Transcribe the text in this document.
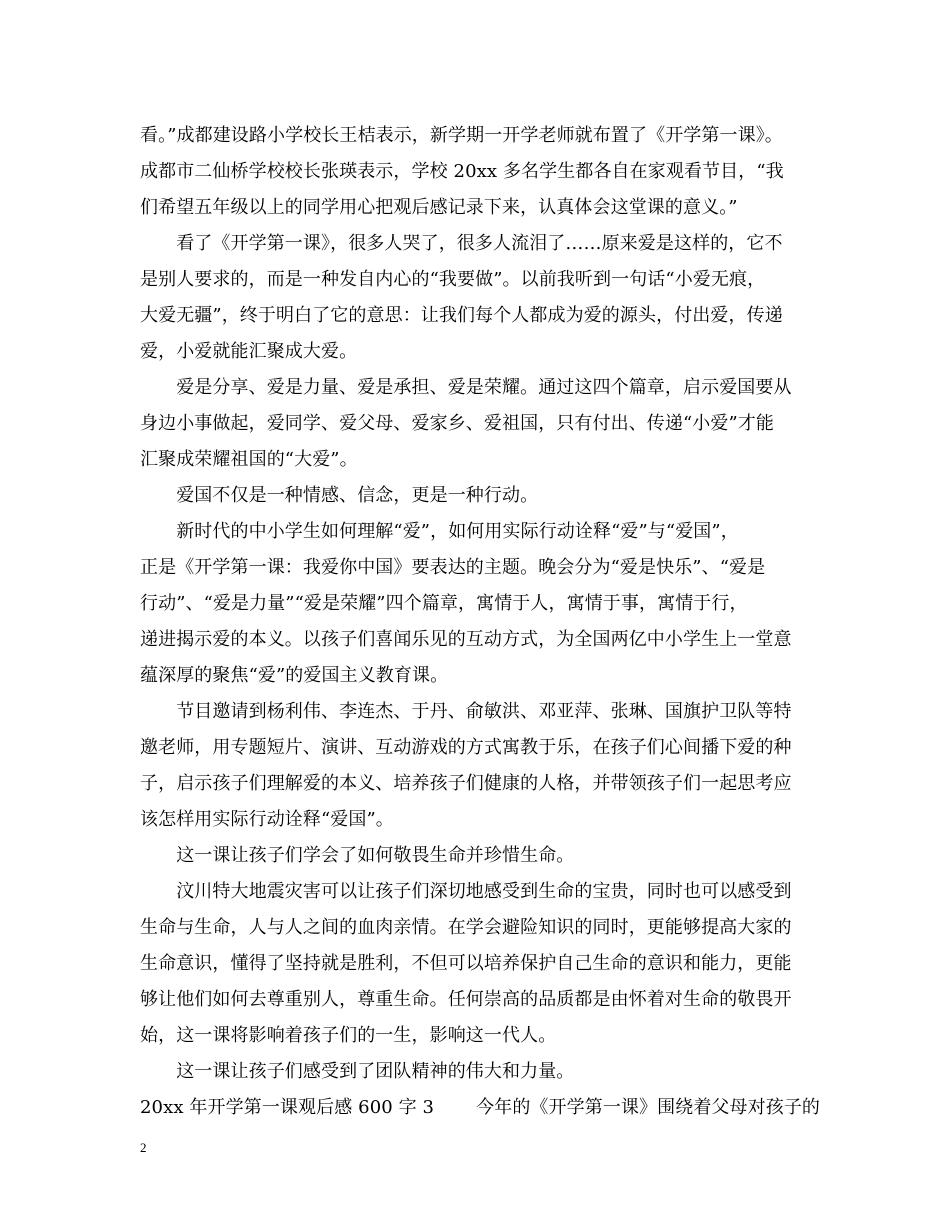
看。”成都建设路小学校长王桔表示，新学期一开学老师就布置了《开学第一课》。
成都市二仙桥学校校长张瑛表示，学校 20xx 多名学生都各自在家观看节目，“我
们希望五年级以上的同学用心把观后感记录下来，认真体会这堂课的意义。”
　　看了《开学第一课》，很多人哭了，很多人流泪了……原来爱是这样的，它不
是别人要求的，而是一种发自内心的“我要做”。以前我听到一句话“小爱无痕，
大爱无疆”，终于明白了它的意思：让我们每个人都成为爱的源头，付出爱，传递
爱，小爱就能汇聚成大爱。
　　爱是分享、爱是力量、爱是承担、爱是荣耀。通过这四个篇章，启示爱国要从
身边小事做起，爱同学、爱父母、爱家乡、爱祖国，只有付出、传递“小爱”才能
汇聚成荣耀祖国的“大爱”。
　　爱国不仅是一种情感、信念，更是一种行动。
　　新时代的中小学生如何理解“爱”，如何用实际行动诠释“爱”与“爱国”，
正是《开学第一课：我爱你中国》要表达的主题。晚会分为“爱是快乐”、“爱是
行动”、“爱是力量”“爱是荣耀”四个篇章，寓情于人，寓情于事，寓情于行，
递进揭示爱的本义。以孩子们喜闻乐见的互动方式，为全国两亿中小学生上一堂意
蕴深厚的聚焦“爱”的爱国主义教育课。
　　节目邀请到杨利伟、李连杰、于丹、俞敏洪、邓亚萍、张琳、国旗护卫队等特
邀老师，用专题短片、演讲、互动游戏的方式寓教于乐，在孩子们心间播下爱的种
子，启示孩子们理解爱的本义、培养孩子们健康的人格，并带领孩子们一起思考应
该怎样用实际行动诠释“爱国”。
　　这一课让孩子们学会了如何敬畏生命并珍惜生命。
　　汶川特大地震灾害可以让孩子们深切地感受到生命的宝贵，同时也可以感受到
生命与生命，人与人之间的血肉亲情。在学会避险知识的同时，更能够提高大家的
生命意识，懂得了坚持就是胜利，不但可以培养保护自己生命的意识和能力，更能
够让他们如何去尊重别人，尊重生命。任何崇高的品质都是由怀着对生命的敬畏开
始，这一课将影响着孩子们的一生，影响这一代人。
　　这一课让孩子们感受到了团队精神的伟大和力量。
20xx 年开学第一课观后感 600 字 3　　 今年的《开学第一课》围绕着父母对孩子的
2
